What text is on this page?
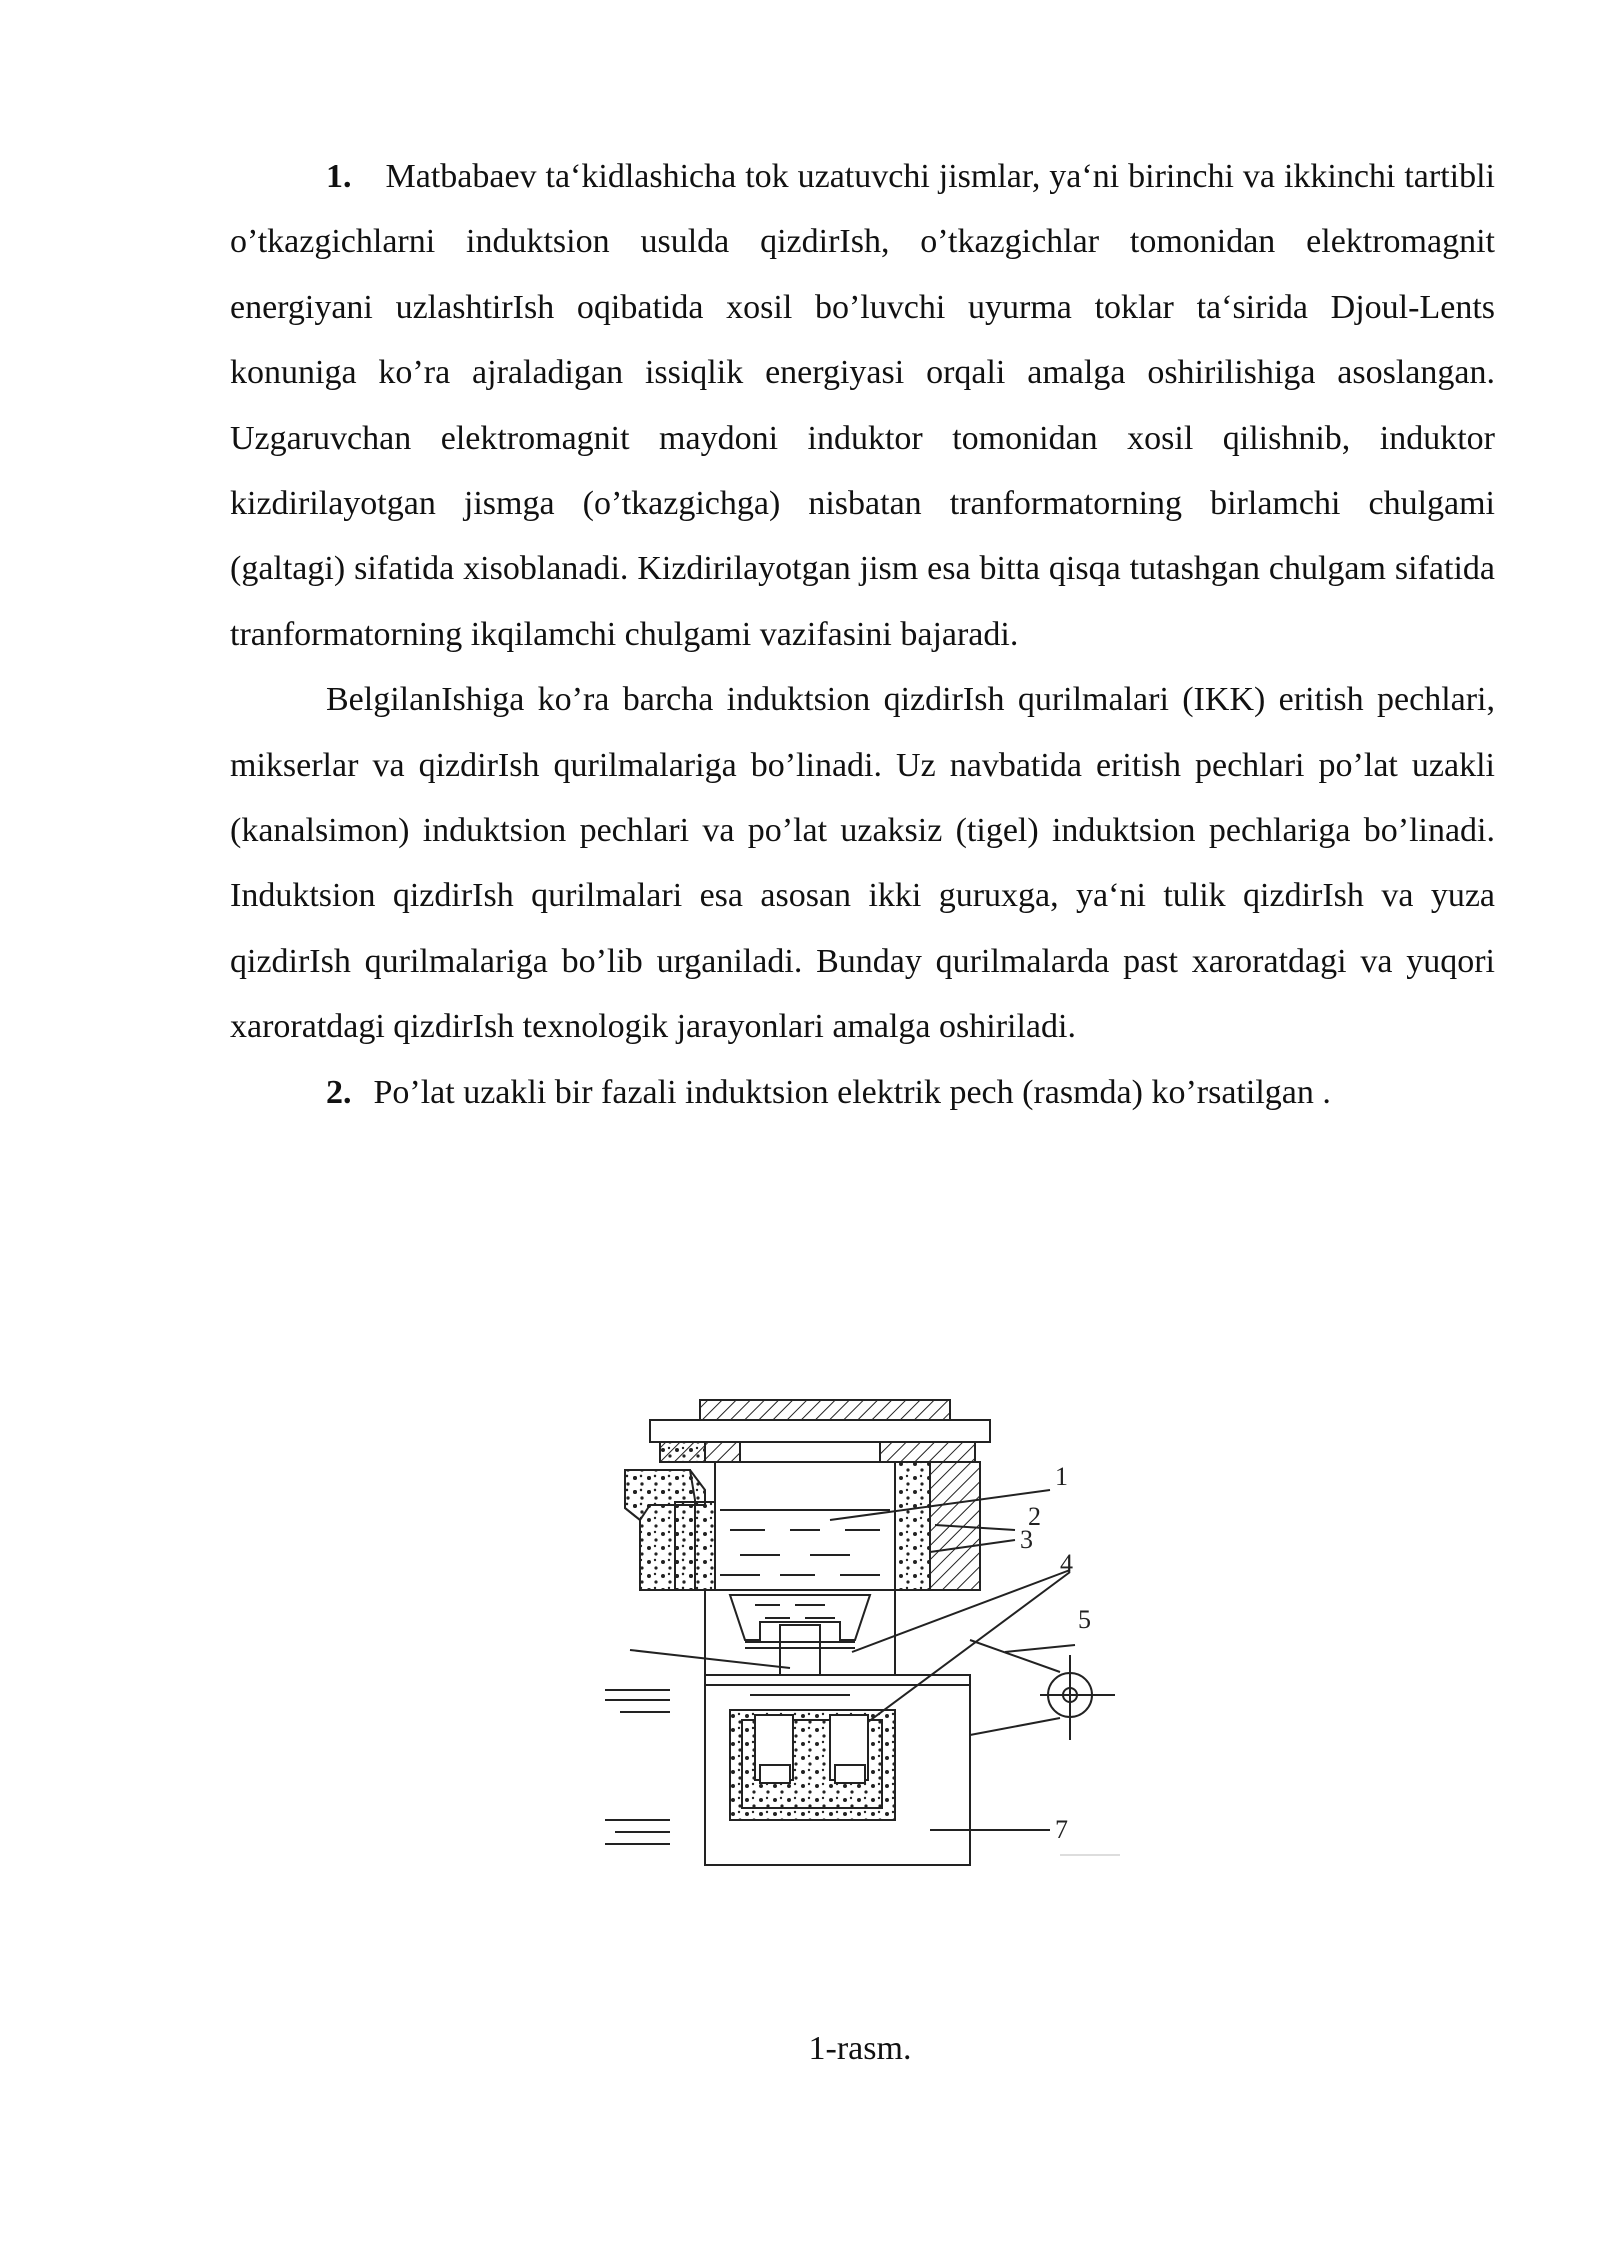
1. Matbabaev ta‘kidlashicha tok uzatuvchi jismlar, ya‘ni birinchi va ikkinchi tartibli o’tkazgichlarni induktsion usulda qizdirIsh, o’tkazgichlar tomonidan elektromagnit energiyani uzlashtirIsh oqibatida xosil bo’luvchi uyurma toklar ta‘sirida Djoul-Lents konuniga ko’ra ajraladigan issiqlik energiyasi orqali amalga oshirilishiga asoslangan. Uzgaruvchan elektromagnit maydoni induktor tomonidan xosil qilishnib, induktor kizdirilayotgan jismga (o’tkazgichga) nisbatan tranformatorning birlamchi chulgami (galtagi) sifatida xisoblanadi. Kizdirilayotgan jism esa bitta qisqa tutashgan chulgam sifatida tranformatorning ikqilamchi chulgami vazifasini bajaradi.

BelgilanIshiga ko’ra barcha induktsion qizdirIsh qurilmalari (IKK) eritish pechlari, mikserlar va qizdirIsh qurilmalariga bo’linadi. Uz navbatida eritish pechlari po’lat uzakli (kanalsimon) induktsion pechlari va po’lat uzaksiz (tigel) induktsion pechlariga bo’linadi. Induktsion qizdirIsh qurilmalari esa asosan ikki guruxga, ya‘ni tulik qizdirIsh va yuza qizdirIsh qurilmalariga bo’lib urganiladi. Bunday qurilmalarda past xaroratdagi va yuqori xaroratdagi qizdirIsh texnologik jarayonlari amalga oshiriladi.

2. Po’lat uzakli bir fazali induktsion elektrik pech (rasmda) ko’rsatilgan .

1
2
3
4
5
7
1-rasm.
